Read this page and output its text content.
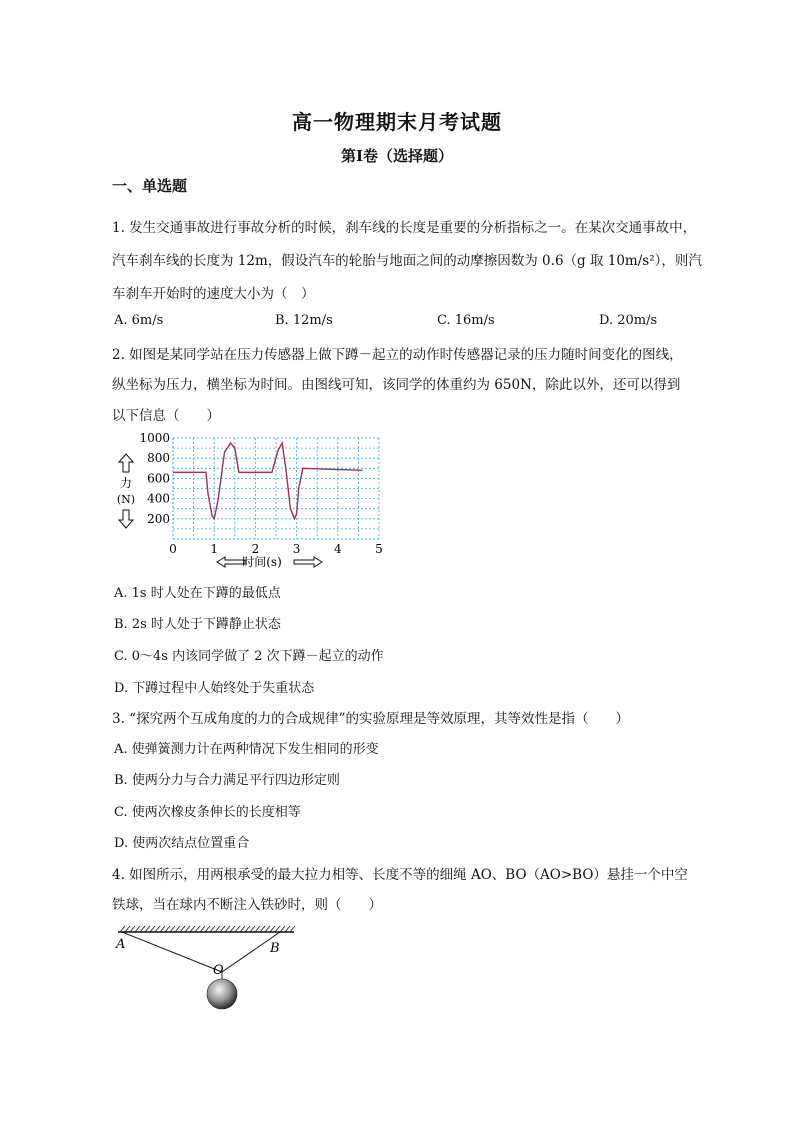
高一物理期末月考试题
第Ⅰ卷（选择题）
一、单选题
1. 发生交通事故进行事故分析的时候，刹车线的长度是重要的分析指标之一。在某次交通事故中，
汽车刹车线的长度为 12m，假设汽车的轮胎与地面之间的动摩擦因数为 0.6（g 取 10m/s²），则汽
车刹车开始时的速度大小为（　）
A. 6m/s	B. 12m/s	C. 16m/s	D. 20m/s
2. 如图是某同学站在压力传感器上做下蹲－起立的动作时传感器记录的压力随时间变化的图线，
纵坐标为压力，横坐标为时间。由图线可知，该同学的体重约为 650N，除此以外，还可以得到
以下信息（　　）
200
400
600
800
1000
0	1	2	3	4	5
力
(N)
时间(s)
A. 1s 时人处在下蹲的最低点
B. 2s 时人处于下蹲静止状态
C. 0～4s 内该同学做了 2 次下蹲－起立的动作
D. 下蹲过程中人始终处于失重状态
3. “探究两个互成角度的力的合成规律”的实验原理是等效原理，其等效性是指（　　）
A. 使弹簧测力计在两种情况下发生相同的形变
B. 使两分力与合力满足平行四边形定则
C. 使两次橡皮条伸长的长度相等
D. 使两次结点位置重合
4. 如图所示，用两根承受的最大拉力相等、长度不等的细绳 AO、BO（AO>BO）悬挂一个中空
铁球，当在球内不断注入铁砂时，则（　　）
A	B
O
